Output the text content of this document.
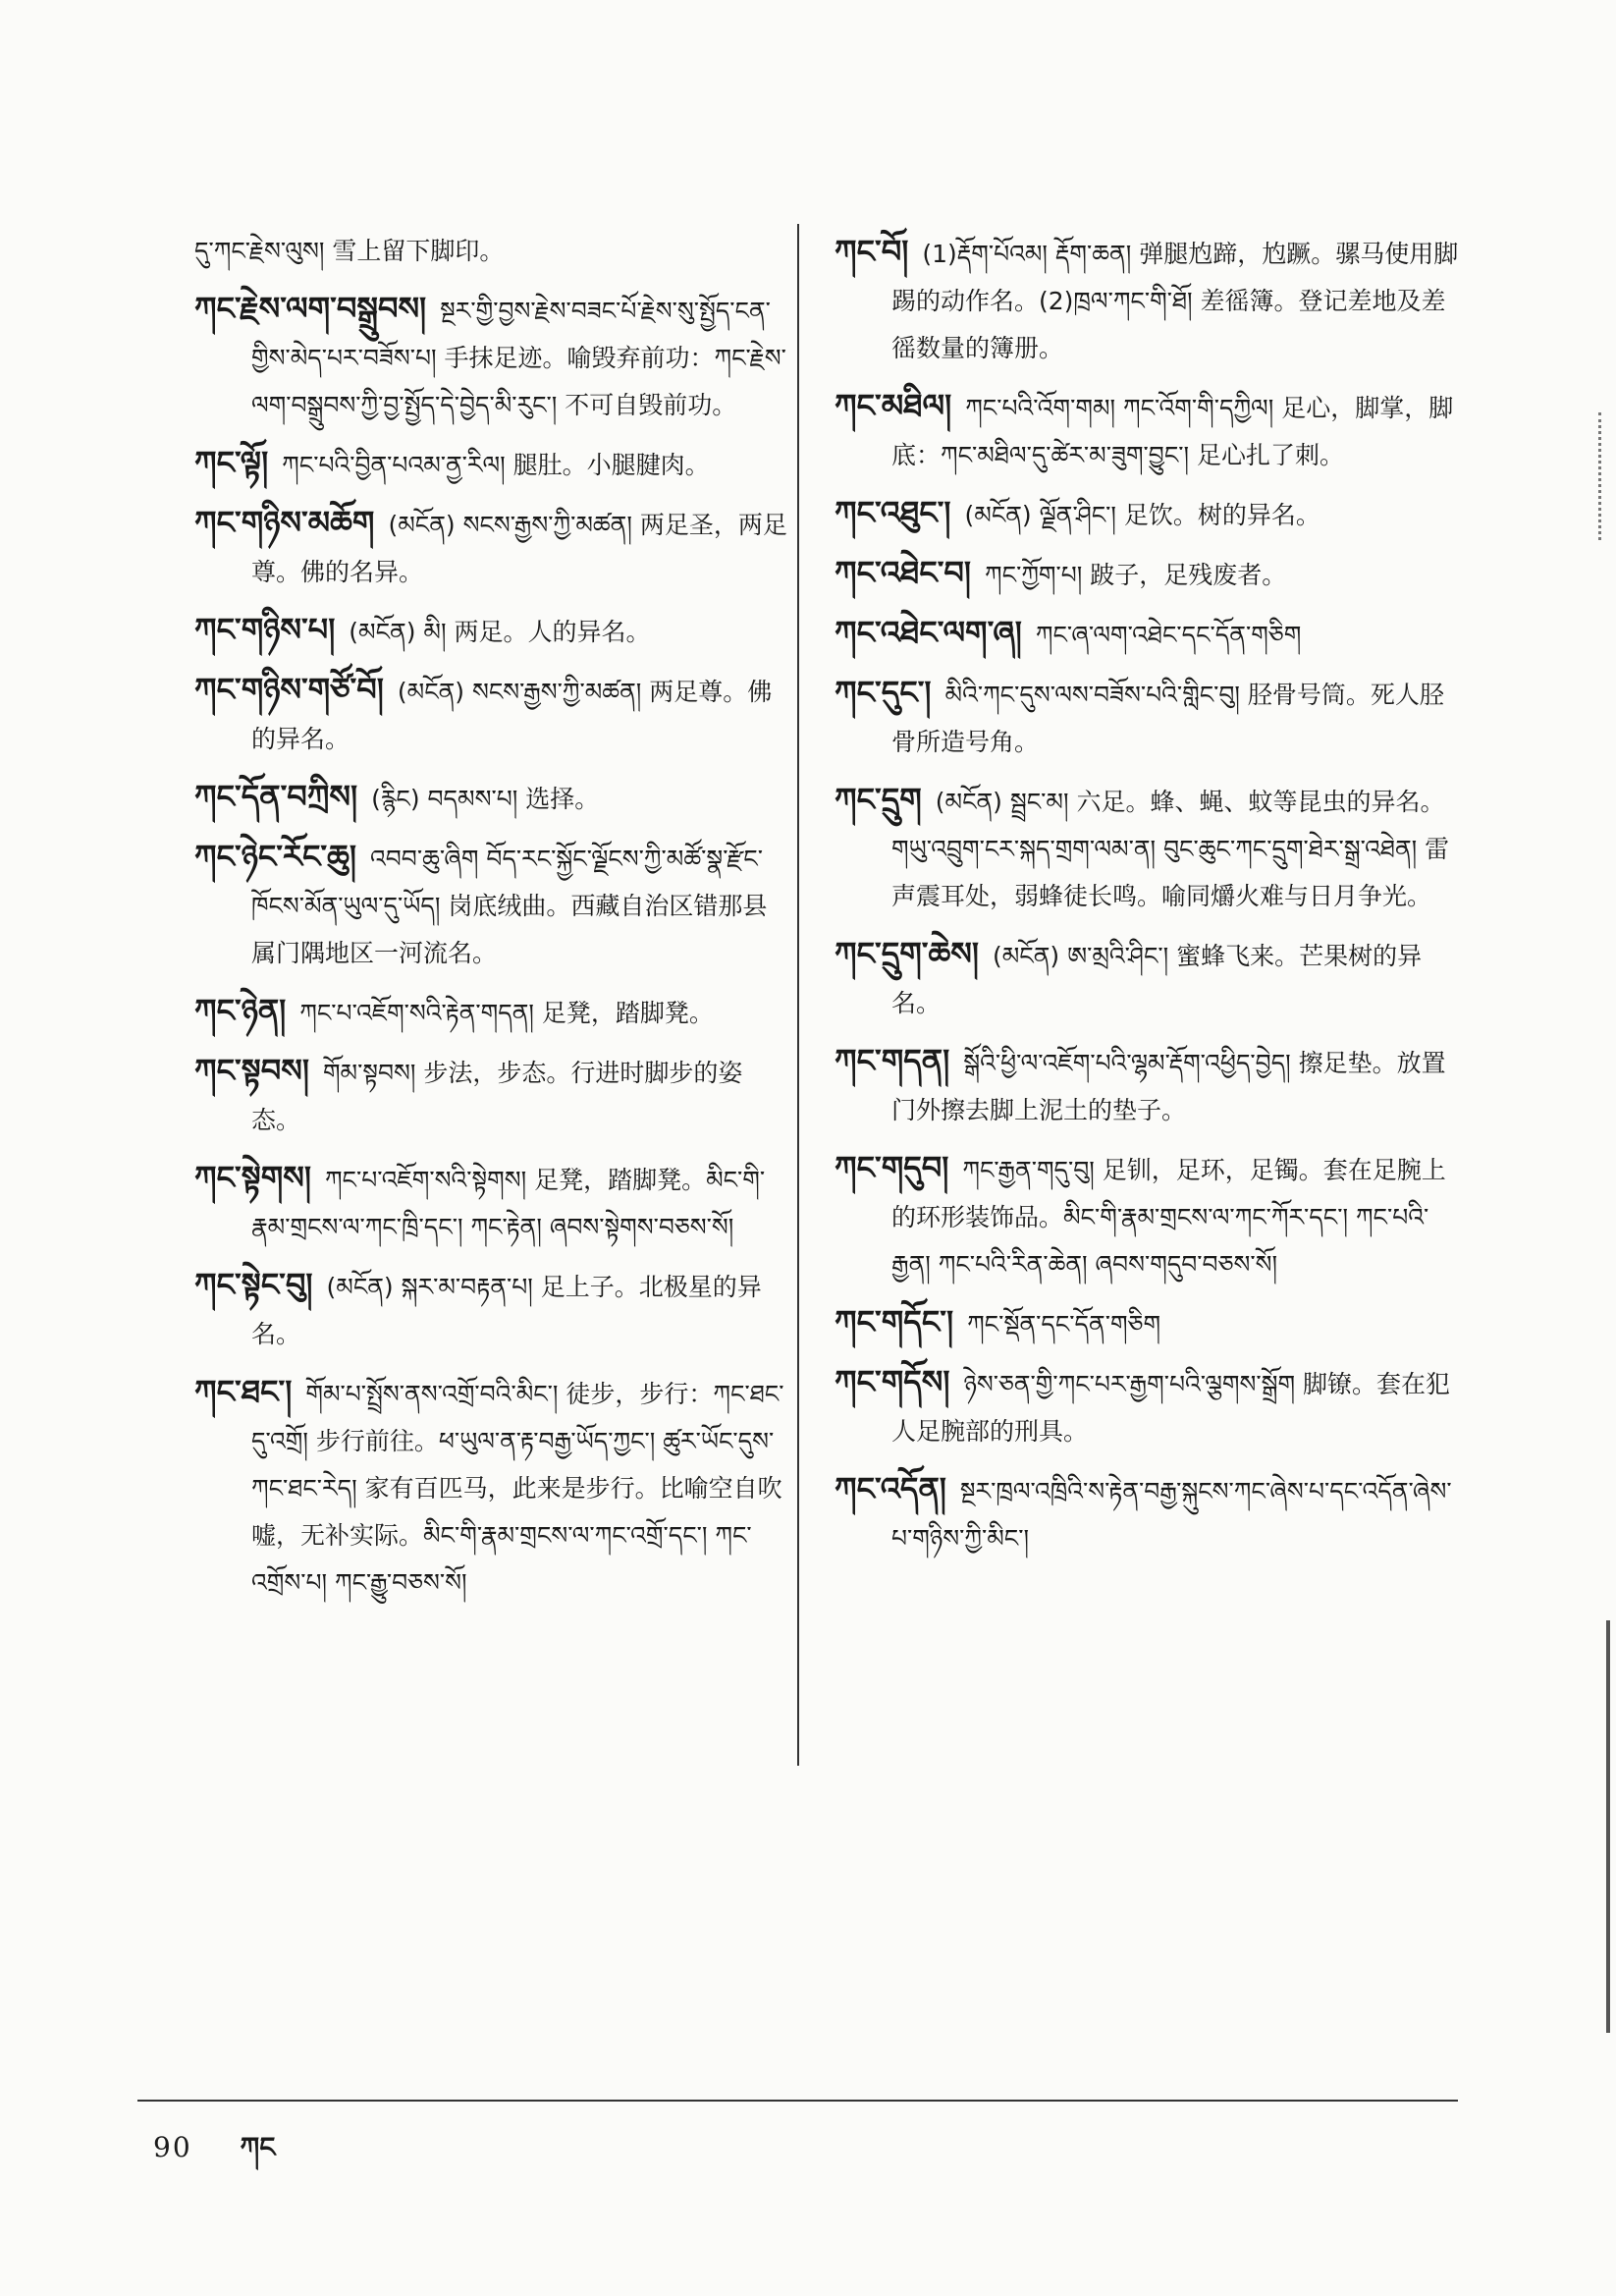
དུ་ཀང་རྗེས་ལུས། 雪上留下脚印。
ཀང་རྗེས་ལག་བསྒྲུབས། སྔར་གྱི་བྱས་རྗེས་བཟང་པོ་རྗེས་སུ་སྤྱོད་ངན་གྱིས་མེད་པར་བཟོས་པ། 手抹足迹。喻毁弃前功：ཀང་རྗེས་ལག་བསྒྲུབས་ཀྱི་བྱ་སྤྱོད་དེ་བྱེད་མི་རུང་། 不可自毁前功。
ཀང་ལྟོ། ཀང་པའི་བྱིན་པའམ་ནྱ་རིལ། 腿肚。小腿腱肉。
ཀང་གཉིས་མཆོག (མངོན) སངས་རྒྱས་ཀྱི་མཚན། 两足圣，两足尊。佛的名异。
ཀང་གཉིས་པ། (མངོན) མི། 两足。人的异名。
ཀང་གཉིས་གཙོ་བོ། (མངོན) སངས་རྒྱས་ཀྱི་མཚན། 两足尊。佛的异名。
ཀང་དོན་བཀྲིས། (རྙིང) བདམས་པ། 选择。
ཀང་ཉེང་རོང་ཆུ། འབབ་ཆུ་ཞིག བོད་རང་སྐྱོང་ལྗོངས་ཀྱི་མཚོ་སྣ་རྫོང་ཁོངས་མོན་ཡུལ་དུ་ཡོད། 岗底绒曲。西藏自治区错那县属门隅地区一河流名。
ཀང་ཉེན། ཀང་པ་འཇོག་སའི་རྟེན་གདན། 足凳，踏脚凳。
ཀང་སྟབས། གོམ་སྟབས། 步法，步态。行进时脚步的姿态。
ཀང་སྟེགས། ཀང་པ་འཇོག་སའི་སྟེགས། 足凳，踏脚凳。མིང་གི་རྣམ་གྲངས་ལ་ཀང་ཁྲི་དང་། ཀང་རྟེན། ཞབས་སྟེགས་བཅས་སོ།
ཀང་སྟེང་བུ། (མངོན) སྐར་མ་བརྟན་པ། 足上子。北极星的异名。
ཀང་ཐང་། གོམ་པ་སྤྲོས་ནས་འགྲོ་བའི་མིང་། 徒步，步行：ཀང་ཐང་དུ་འགྲོ། 步行前往。ཕ་ཡུལ་ན་རྟ་བརྒྱ་ཡོད་ཀྱང་། ཚུར་ཡོང་དུས་ཀང་ཐང་རེད། 家有百匹马，此来是步行。比喻空自吹嘘，无补实际。མིང་གི་རྣམ་གྲངས་ལ་ཀང་འགྲོ་དང་། ཀང་འགྲོས་པ། ཀང་རྒྱུ་བཅས་སོ།
ཀང་བོ། (1)རྡོག་པོའམ། རྡོག་ཆན། 弹腿尥蹄，尥蹶。骡马使用脚踢的动作名。(2)ཁྲལ་ཀང་གི་ཐོ། 差徭簿。登记差地及差徭数量的簿册。
ཀང་མཐིལ། ཀང་པའི་འོག་གམ། ཀང་འོག་གི་དཀྱིལ། 足心，脚掌，脚底：ཀང་མཐིལ་དུ་ཚེར་མ་ཟུག་བྱུང་། 足心扎了刺。
ཀང་འཐུང་། (མངོན) ལྗོན་ཤིང་། 足饮。树的异名。
ཀང་འཐེང་བ། ཀང་ཀྱོག་པ། 跛子，足残废者。
ཀང་འཐེང་ལག་ཞ། ཀང་ཞ་ལག་འཐེང་དང་དོན་གཅིག
ཀང་དུང་། མིའི་ཀང་དུས་ལས་བཟོས་པའི་གླིང་བུ། 胫骨号筒。死人胫骨所造号角。
ཀང་དྲུག (མངོན) སྦྲང་མ། 六足。蜂、蝇、蚊等昆虫的异名。གཡུ་འབྲུག་ངར་སྐད་གྲག་ལམ་ན། བུང་ཆུང་ཀང་དྲུག་ཐེར་སྒྲ་འཐེན། 雷声震耳处，弱蜂徒长鸣。喻同爝火难与日月争光。
ཀང་དྲུག་ཆེས། (མངོན) ཨ་མྲའི་ཤིང་། 蜜蜂飞来。芒果树的异名。
ཀང་གདན། སྒོའི་ཕྱི་ལ་འཇོག་པའི་ལྷམ་རྡོག་འཕྱིད་བྱེད། 擦足垫。放置门外擦去脚上泥土的垫子。
ཀང་གདུབ། ཀང་རྒྱན་གདུ་བུ། 足钏，足环，足镯。套在足腕上的环形装饰品。མིང་གི་རྣམ་གྲངས་ལ་ཀང་ཀོར་དང་། ཀང་པའི་རྒྱན། ཀང་པའི་རིན་ཆེན། ཞབས་གདུབ་བཅས་སོ།
ཀང་གདོང་། ཀང་སྡོན་དང་དོན་གཅིག
ཀང་གདོས། ཉེས་ཅན་གྱི་ཀང་པར་རྒྱག་པའི་ལྕགས་སྒྲོག 脚镣。套在犯人足腕部的刑具。
ཀང་འདོན། སྔར་ཁྲལ་འཁྲིའི་ས་རྟེན་བརྒྱ་སྐུངས་ཀང་ཞེས་པ་དང་འདོན་ཞེས་པ་གཉིས་ཀྱི་མིང་།
90 ཀང
